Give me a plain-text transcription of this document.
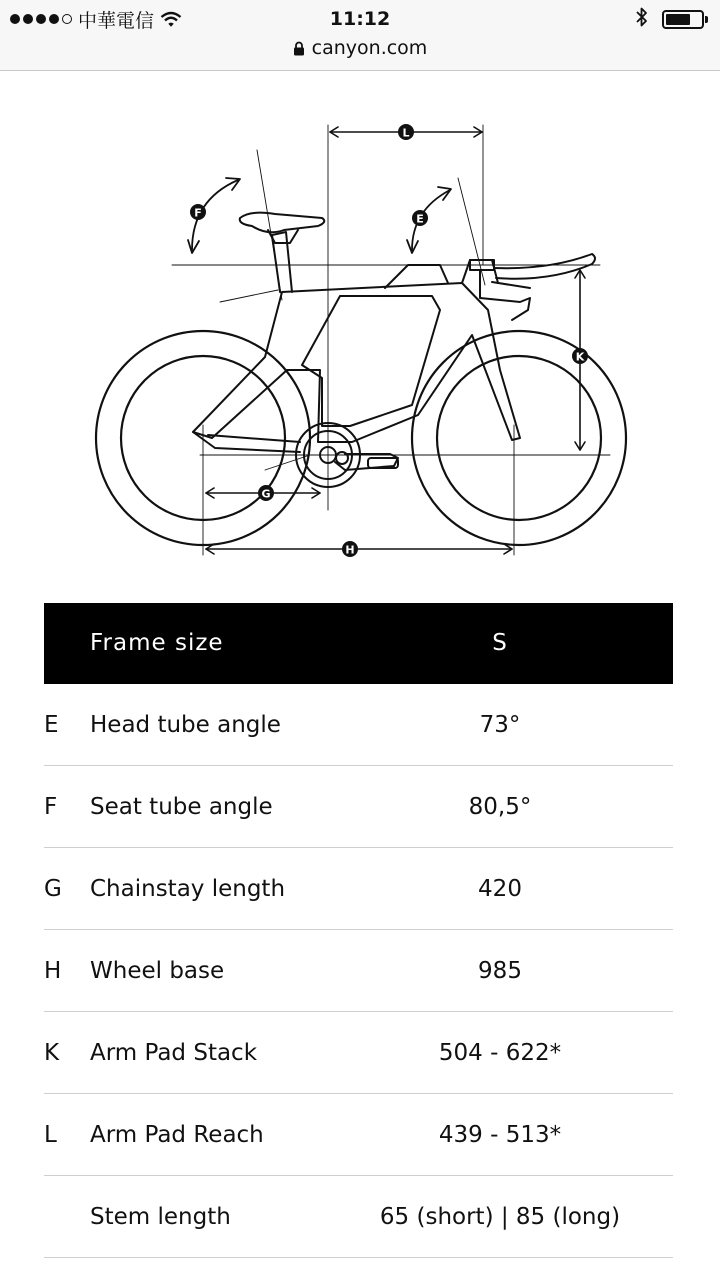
中華電信	11:12
canyon.com
L
F	E
K
G
H
Frame size	S
E Head tube angle	73°
F Seat tube angle	80,5°
G Chainstay length	420
H Wheel base	985
K Arm Pad Stack	504 - 622*
L Arm Pad Reach	439 - 513*
Stem length	65 (short) | 85 (long)
